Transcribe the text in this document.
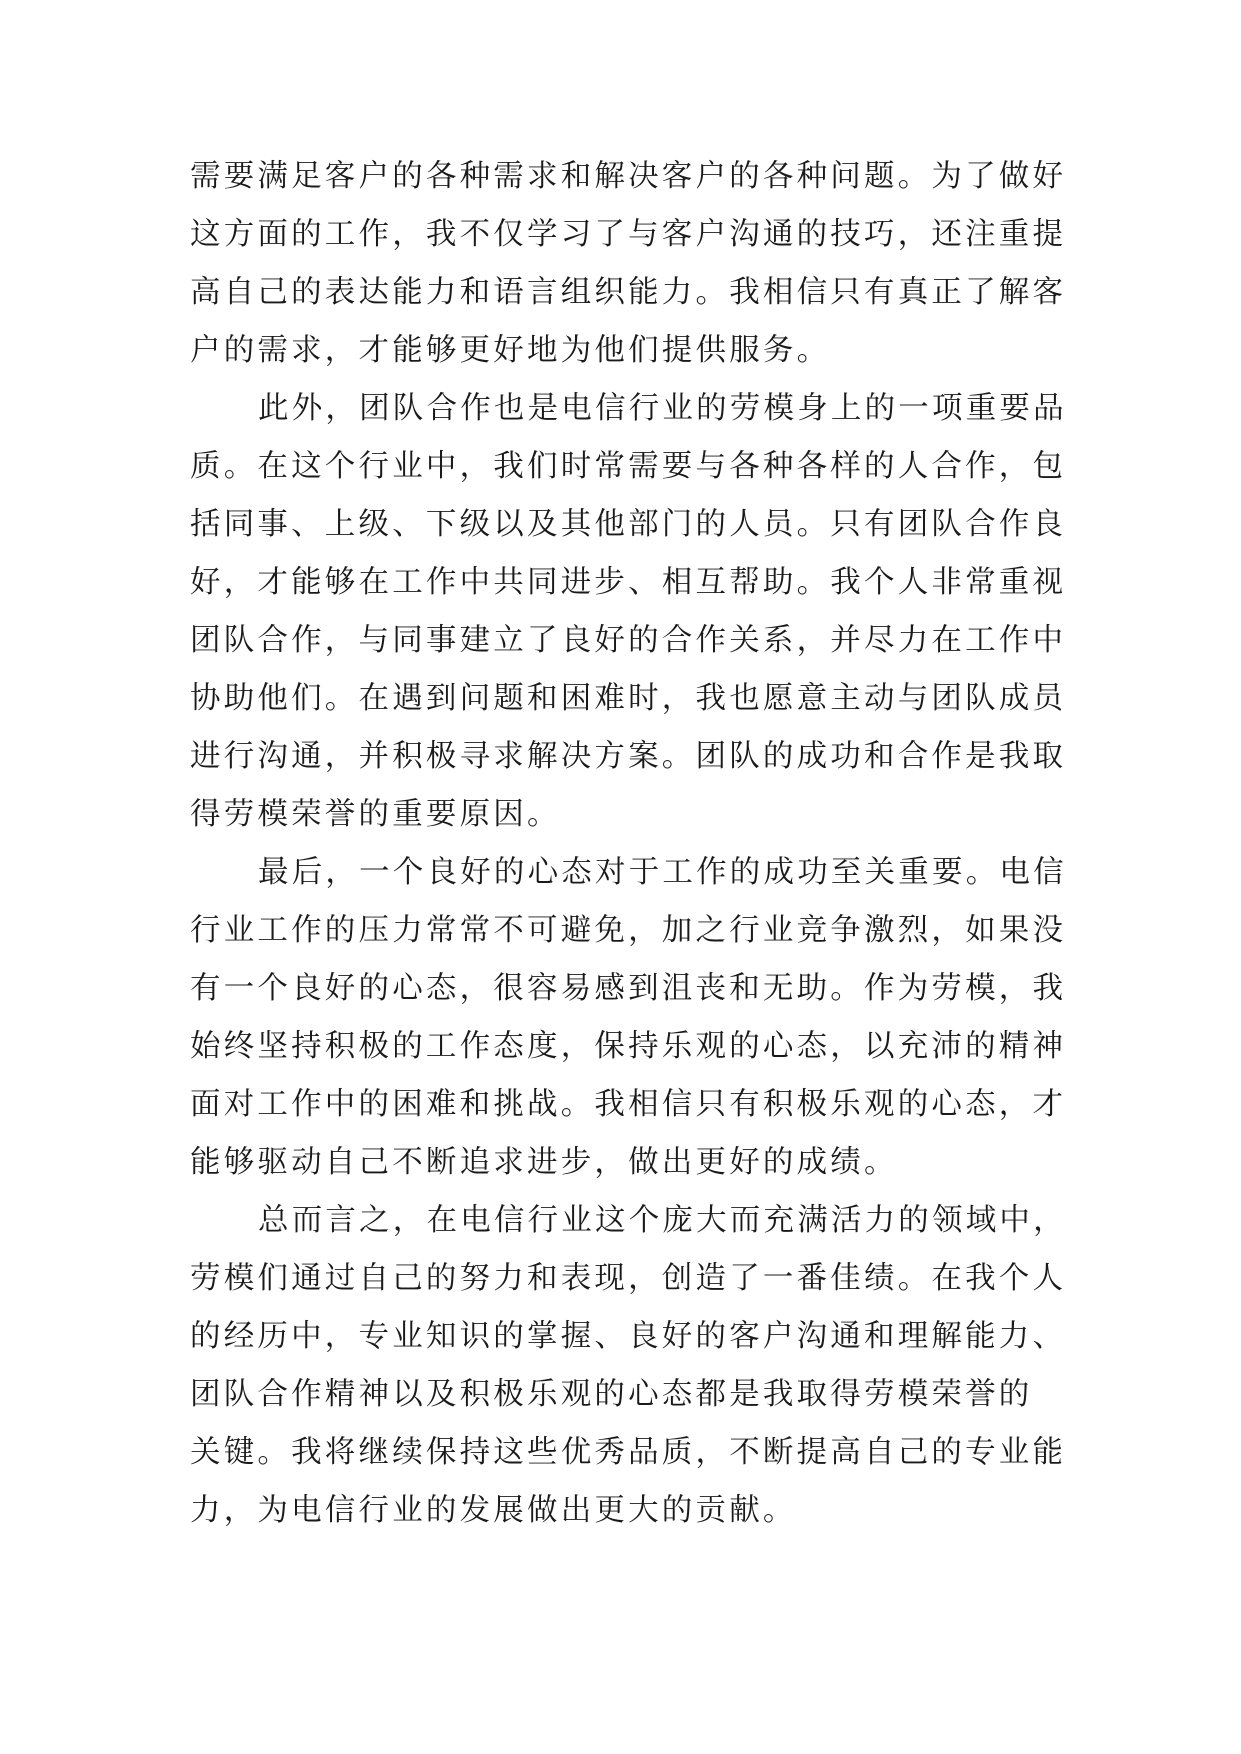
需要满足客户的各种需求和解决客户的各种问题。为了做好
这方面的工作，我不仅学习了与客户沟通的技巧，还注重提
高自己的表达能力和语言组织能力。我相信只有真正了解客
户的需求，才能够更好地为他们提供服务。
此外，团队合作也是电信行业的劳模身上的一项重要品
质。在这个行业中，我们时常需要与各种各样的人合作，包
括同事、上级、下级以及其他部门的人员。只有团队合作良
好，才能够在工作中共同进步、相互帮助。我个人非常重视
团队合作，与同事建立了良好的合作关系，并尽力在工作中
协助他们。在遇到问题和困难时，我也愿意主动与团队成员
进行沟通，并积极寻求解决方案。团队的成功和合作是我取
得劳模荣誉的重要原因。
最后，一个良好的心态对于工作的成功至关重要。电信
行业工作的压力常常不可避免，加之行业竞争激烈，如果没
有一个良好的心态，很容易感到沮丧和无助。作为劳模，我
始终坚持积极的工作态度，保持乐观的心态，以充沛的精神
面对工作中的困难和挑战。我相信只有积极乐观的心态，才
能够驱动自己不断追求进步，做出更好的成绩。
总而言之，在电信行业这个庞大而充满活力的领域中，
劳模们通过自己的努力和表现，创造了一番佳绩。在我个人
的经历中，专业知识的掌握、良好的客户沟通和理解能力、
团队合作精神以及积极乐观的心态都是我取得劳模荣誉的
关键。我将继续保持这些优秀品质，不断提高自己的专业能
力，为电信行业的发展做出更大的贡献。
